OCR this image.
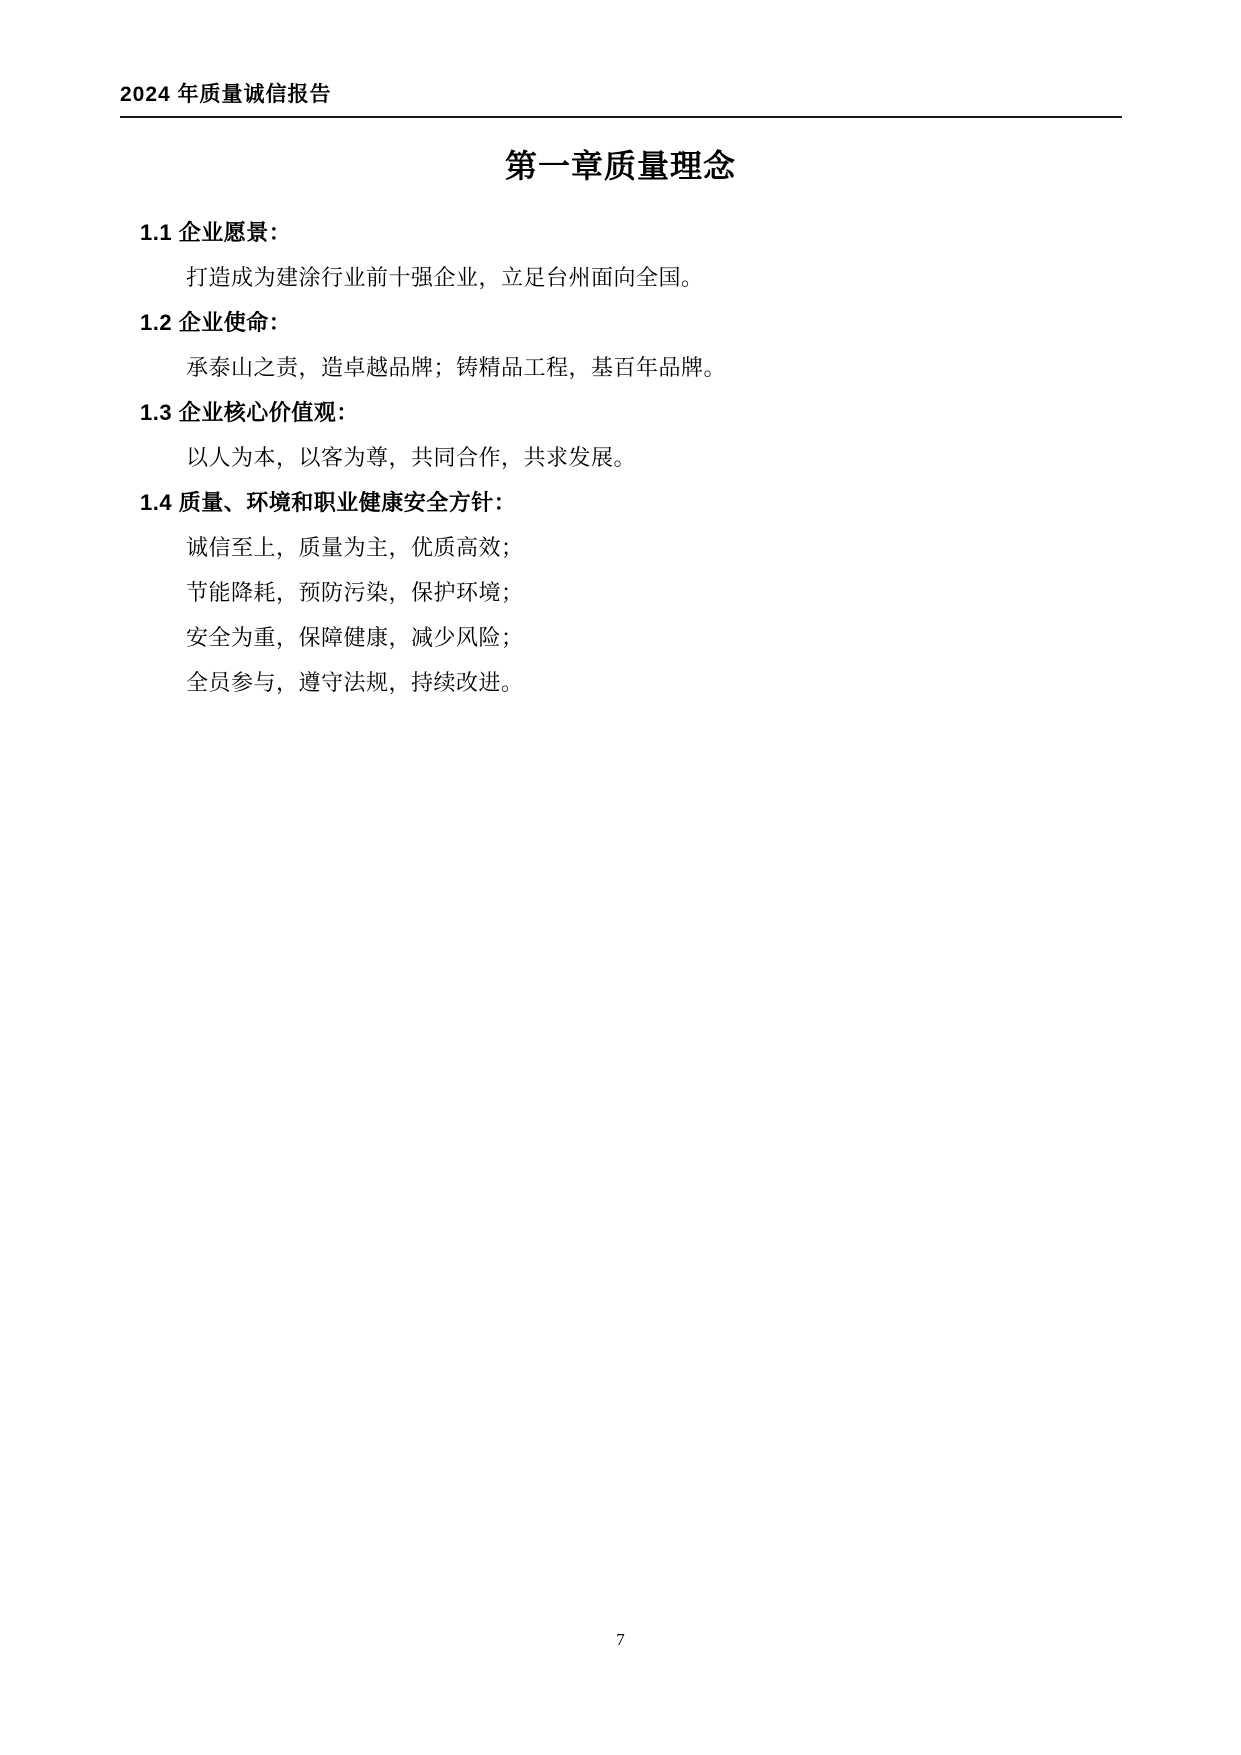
2024 年质量诚信报告
第一章质量理念
1.1 企业愿景：
打造成为建涂行业前十强企业，立足台州面向全国。
1.2 企业使命：
承泰山之责，造卓越品牌；铸精品工程，基百年品牌。
1.3 企业核心价值观：
以人为本，以客为尊，共同合作，共求发展。
1.4 质量、环境和职业健康安全方针：
诚信至上，质量为主，优质高效；
节能降耗，预防污染，保护环境；
安全为重，保障健康，减少风险；
全员参与，遵守法规，持续改进。
7
